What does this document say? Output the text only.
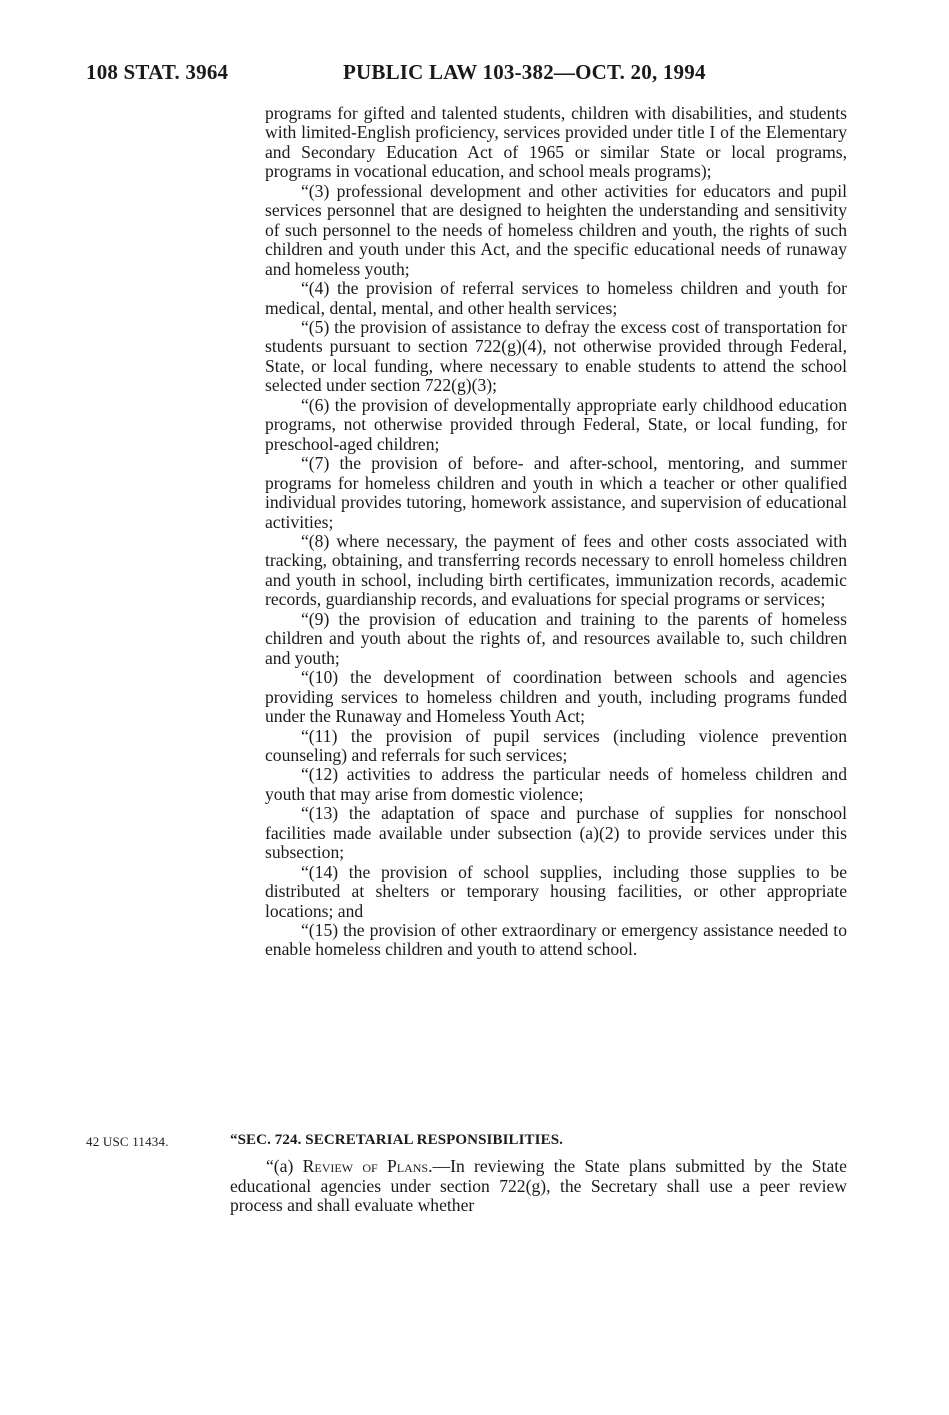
108 STAT. 3964	PUBLIC LAW 103-382—OCT. 20, 1994

programs for gifted and talented students, children with disabilities, and students with limited-English proficiency, services provided under title I of the Elementary and Secondary Education Act of 1965 or similar State or local programs, programs in vocational education, and school meals programs);

“(3) professional development and other activities for educators and pupil services personnel that are designed to heighten the understanding and sensitivity of such personnel to the needs of homeless children and youth, the rights of such children and youth under this Act, and the specific educational needs of runaway and homeless youth;

“(4) the provision of referral services to homeless children and youth for medical, dental, mental, and other health services;

“(5) the provision of assistance to defray the excess cost of transportation for students pursuant to section 722(g)(4), not otherwise provided through Federal, State, or local funding, where necessary to enable students to attend the school selected under section 722(g)(3);

“(6) the provision of developmentally appropriate early childhood education programs, not otherwise provided through Federal, State, or local funding, for preschool-aged children;

“(7) the provision of before- and after-school, mentoring, and summer programs for homeless children and youth in which a teacher or other qualified individual provides tutoring, homework assistance, and supervision of educational activities;

“(8) where necessary, the payment of fees and other costs associated with tracking, obtaining, and transferring records necessary to enroll homeless children and youth in school, including birth certificates, immunization records, academic records, guardianship records, and evaluations for special programs or services;

“(9) the provision of education and training to the parents of homeless children and youth about the rights of, and resources available to, such children and youth;

“(10) the development of coordination between schools and agencies providing services to homeless children and youth, including programs funded under the Runaway and Homeless Youth Act;

“(11) the provision of pupil services (including violence prevention counseling) and referrals for such services;

“(12) activities to address the particular needs of homeless children and youth that may arise from domestic violence;

“(13) the adaptation of space and purchase of supplies for nonschool facilities made available under subsection (a)(2) to provide services under this subsection;

“(14) the provision of school supplies, including those supplies to be distributed at shelters or temporary housing facilities, or other appropriate locations; and

“(15) the provision of other extraordinary or emergency assistance needed to enable homeless children and youth to attend school.

42 USC 11434.	“SEC. 724. SECRETARIAL RESPONSIBILITIES.

“(a) Review of Plans.—In reviewing the State plans submitted by the State educational agencies under section 722(g), the Secretary shall use a peer review process and shall evaluate whether
